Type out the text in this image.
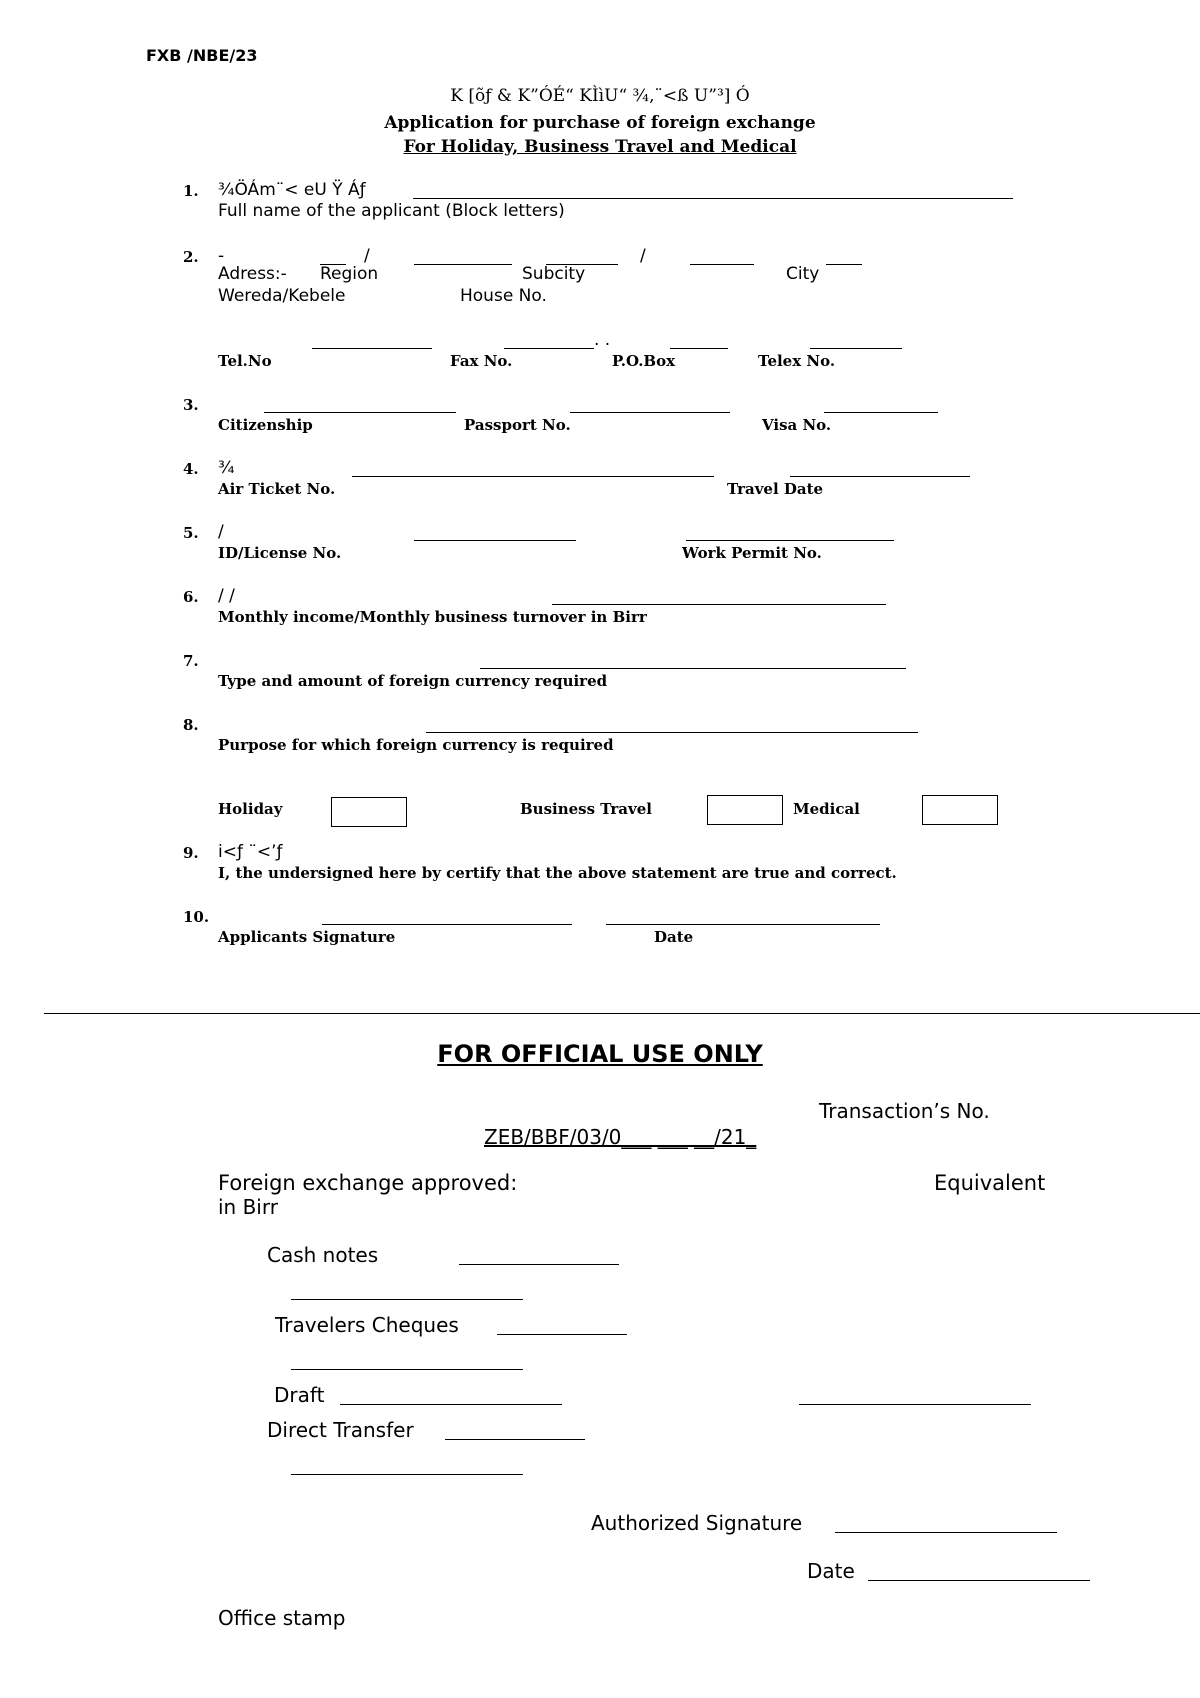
FXB /NBE/23
K [õƒ & K”ÓÉ“ KÌìU“ ¾‚¨<ß U”³] Ó
Application for purchase of foreign exchange
For Holiday, Business Travel and Medical
1. ¾ÖÁm¨< eU Ÿ Áƒ
Full name of the applicant (Block letters)
2. -	/	/
Adress:- Region	Subcity	City
Wereda/Kebele	House No.
. .
Tel.No	Fax No.	P.O.Box	Telex No.
3.
Citizenship	Passport No.	Visa No.
4. ¾
Air Ticket No.	Travel Date
5. /
ID/License No.	Work Permit No.
6. / /
Monthly income/Monthly business turnover in Birr
7.
Type and amount of foreign currency required
8.
Purpose for which foreign currency is required
Holiday	Business Travel	Medical
9. i<ƒ ¨<’ƒ
I, the undersigned here by certify that the above statement are true and correct.
10.
Applicants Signature	Date
FOR OFFICIAL USE ONLY
Transaction’s No.
ZEB/BBF/03/0___ ___ __/21_
Foreign exchange approved:	Equivalent
in Birr
Cash notes
Travelers Cheques
Draft
Direct Transfer
Authorized Signature
Date
Office stamp
